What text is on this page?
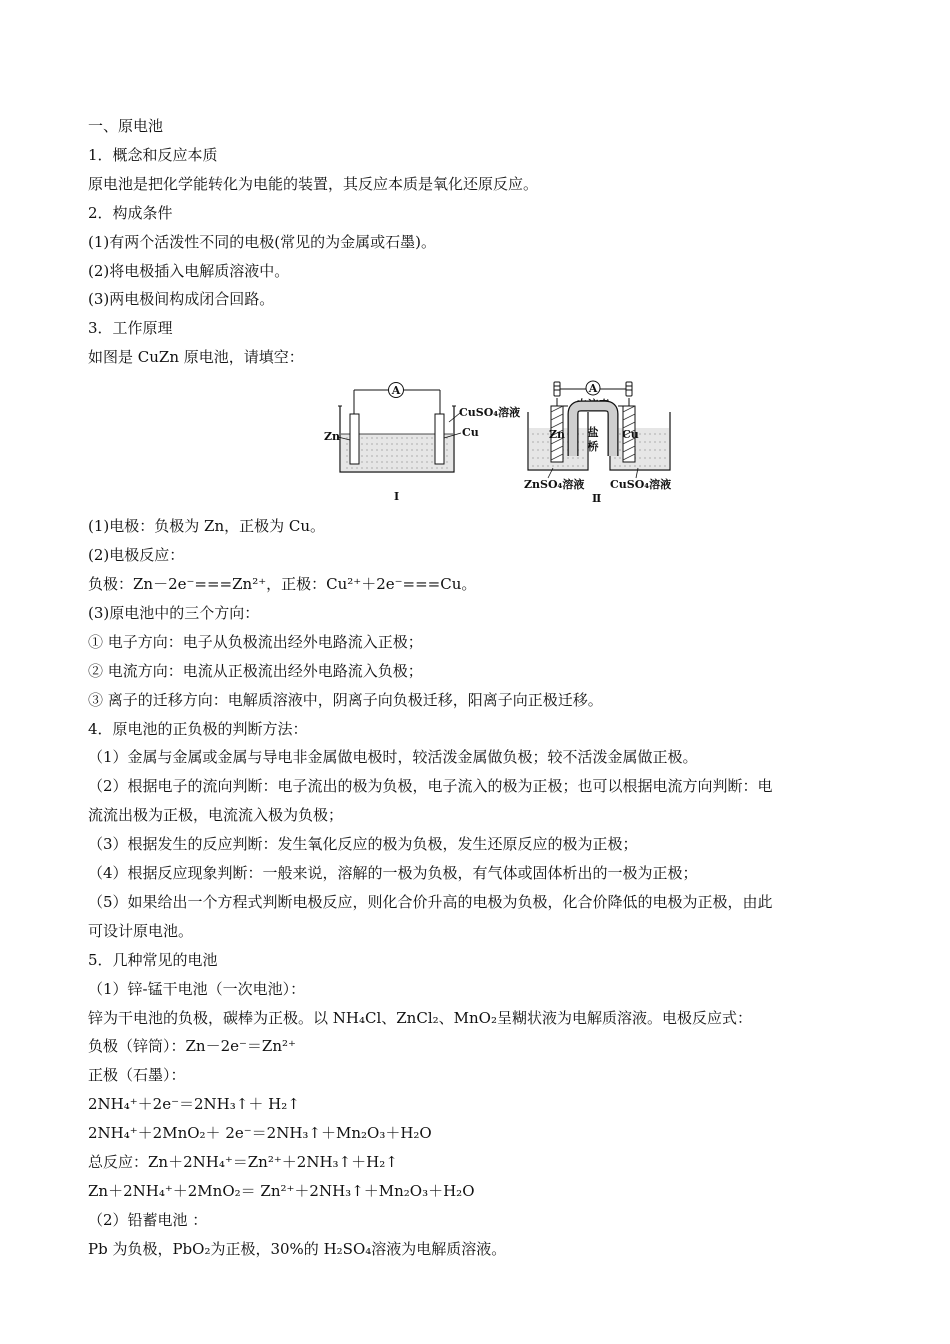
一、原电池
1．概念和反应本质
原电池是把化学能转化为电能的装置，其反应本质是氧化还原反应。
2．构成条件
(1)有两个活泼性不同的电极(常见的为金属或石墨)。
(2)将电极插入电解质溶液中。
(3)两电极间构成闭合回路。
3．工作原理
如图是 CuZn 原电池，请填空：
A
Zn
CuSO₄溶液
Cu
Ⅰ
A
电流表
盐
桥
Zn	Cu
ZnSO₄溶液 CuSO₄溶液
Ⅱ
(1)电极：负极为 Zn，正极为 Cu。
(2)电极反应：
负极：Zn－2e⁻===Zn²⁺，正极：Cu²⁺＋2e⁻===Cu。
(3)原电池中的三个方向：
① 电子方向：电子从负极流出经外电路流入正极；
② 电流方向：电流从正极流出经外电路流入负极；
③ 离子的迁移方向：电解质溶液中，阴离子向负极迁移，阳离子向正极迁移。
4．原电池的正负极的判断方法：
（1）金属与金属或金属与导电非金属做电极时，较活泼金属做负极；较不活泼金属做正极。
（2）根据电子的流向判断：电子流出的极为负极，电子流入的极为正极；也可以根据电流方向判断：电
流流出极为正极，电流流入极为负极；
（3）根据发生的反应判断：发生氧化反应的极为负极，发生还原反应的极为正极；
（4）根据反应现象判断：一般来说，溶解的一极为负极，有气体或固体析出的一极为正极；
（5）如果给出一个方程式判断电极反应，则化合价升高的电极为负极，化合价降低的电极为正极，由此
可设计原电池。
5．几种常见的电池
（1）锌-锰干电池（一次电池）：
锌为干电池的负极，碳棒为正极。以 NH₄Cl、ZnCl₂、MnO₂呈糊状液为电解质溶液。电极反应式：
负极（锌筒）：Zn－2e⁻＝Zn²⁺
正极（石墨）：
2NH₄⁺＋2e⁻＝2NH₃↑＋ H₂↑
2NH₄⁺＋2MnO₂＋ 2e⁻＝2NH₃↑＋Mn₂O₃＋H₂O
总反应：Zn＋2NH₄⁺＝Zn²⁺＋2NH₃↑＋H₂↑
Zn＋2NH₄⁺＋2MnO₂＝ Zn²⁺＋2NH₃↑＋Mn₂O₃＋H₂O
（2）铅蓄电池 ：
Pb 为负极，PbO₂为正极，30%的 H₂SO₄溶液为电解质溶液。
